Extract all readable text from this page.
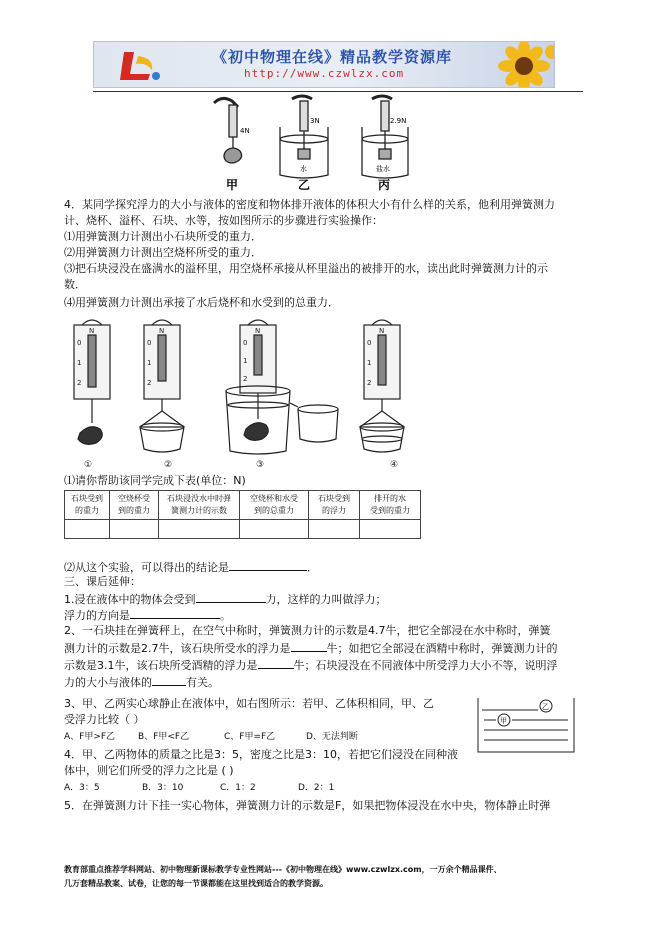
《初中物理在线》精品教学资源库
http://www.czwlzx.com
4N
3N
水
2.9N
盐水
甲	乙	丙
4．某同学探究浮力的大小与液体的密度和物体排开液体的体积大小有什么样的关系，他利用弹簧测力
计、烧杯、溢杯、石块、水等，按如图所示的步骤进行实验操作：
⑴用弹簧测力计测出小石块所受的重力．
⑵用弹簧测力计测出空烧杯所受的重力．
⑶把石块浸没在盛满水的溢杯里，用空烧杯承接从杯里溢出的被排开的水，读出此时弹簧测力计的示
数．
⑷用弹簧测力计测出承接了水后烧杯和水受到的总重力．
N
0
1
2
N
0
1
2
N
0
1
2
N
0
1
2
①	②	③	④
⑴请你帮助该同学完成下表(单位：N)
石块受到
的重力	空烧杯受
到的重力	石块浸没水中时弹
簧测力计的示数	空烧杯和水受
到的总重力	石块受到
的浮力	排开的水
受到的重力

⑵从这个实验，可以得出的结论是	．
三、课后延伸：
1.浸在液体中的物体会受到	力，这样的力叫做浮力；
浮力的方向是	。
2、一石块挂在弹簧秤上，在空气中称时，弹簧测力计的示数是4.7牛，把它全部浸在水中称时，弹簧
测力计的示数是2.7牛，该石块所受水的浮力是	牛；如把它全部浸在酒精中称时，弹簧测力计的
示数是3.1牛，该石块所受酒精的浮力是	牛；石块浸没在不同液体中所受浮力大小不等，说明浮
力的大小与液体的	有关。
3、甲、乙两实心球静止在液体中，如右图所示：若甲、乙体积相同，甲、乙
受浮力比较（ ）
A、F甲>F乙	B、F甲<F乙	C、F甲=F乙	D、无法判断
乙
甲
4．甲、乙两物体的质量之比是3：5，密度之比是3：10，若把它们浸没在同种液
体中，则它们所受的浮力之比是 ( )
A．3：5	B．3：10	C．1：2	D．2：1
5．在弹簧测力计下挂一实心物体，弹簧测力计的示数是F，如果把物体浸没在水中央，物体静止时弹
教育部重点推荐学科网站、初中物理新课标教学专业性网站---《初中物理在线》www.czwlzx.com，一万余个精品课件、
几万套精品教案、试卷，让您的每一节课都能在这里找到适合的教学资源。
